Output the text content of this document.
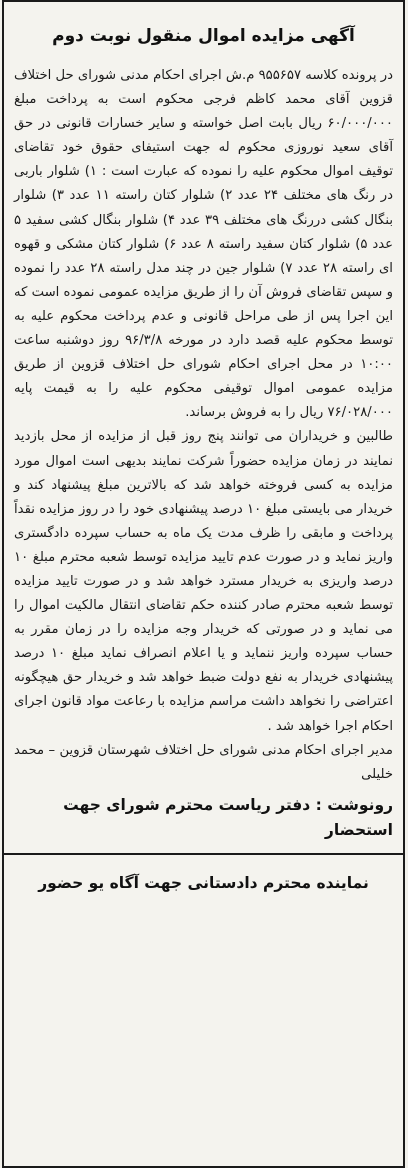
آگهی مزایده اموال منقول نوبت دوم

در پرونده کلاسه ۹۵۵۶۵۷ م.ش اجرای احکام مدنی شورای حل اختلاف قزوین آقای محمد کاظم فرجی محکوم است به پرداخت مبلغ ۶۰/۰۰۰/۰۰۰ ریال بابت اصل خواسته و سایر خسارات قانونی در حق آقای سعید نوروزی محکوم له جهت استیفای حقوق خود تقاضای توقیف اموال محکوم علیه را نموده که عبارت است : ۱) شلوار باربی در رنگ های مختلف ۲۴ عدد ۲) شلوار کتان راسته ۱۱ عدد ۳) شلوار بنگال کشی دررنگ های مختلف ۳۹ عدد ۴) شلوار بنگال کشی سفید ۵ عدد ۵) شلوار کتان سفید راسته ۸ عدد ۶) شلوار کتان مشکی و قهوه ای راسته ۲۸ عدد ۷) شلوار جین در چند مدل راسته ۲۸ عدد را نموده و سپس تقاضای فروش آن را از طریق مزایده عمومی نموده است که این اجرا پس از طی مراحل قانونی و عدم پرداخت محکوم علیه به توسط محکوم علیه قصد دارد در مورخه ۹۶/۳/۸ روز دوشنبه ساعت ۱۰:۰۰ در محل اجرای احکام شورای حل اختلاف قزوین از طریق مزایده عمومی اموال توقیفی محکوم علیه را به قیمت پایه ۷۶/۰۲۸/۰۰۰ ریال را به فروش برساند.

طالبین و خریداران می توانند پنج روز قبل از مزایده از محل بازدید نمایند در زمان مزایده حضوراً شرکت نمایند بدیهی است اموال مورد مزایده به کسی فروخته خواهد شد که بالاترین مبلغ پیشنهاد کند و خریدار می بایستی مبلغ ۱۰ درصد پیشنهادی خود را در روز مزایده نقداً پرداخت و مابقی را ظرف مدت یک ماه به حساب سپرده دادگستری واریز نماید و در صورت عدم تایید مزایده توسط شعبه محترم مبلغ ۱۰ درصد واریزی به خریدار مسترد خواهد شد و در صورت تایید مزایده توسط شعبه محترم صادر کننده حکم تقاضای انتقال مالکیت اموال را می نماید و در صورتی که خریدار وجه مزایده را در زمان مقرر به حساب سپرده واریز ننماید و یا اعلام انصراف نماید مبلغ ۱۰ درصد پیشنهادی خریدار به نفع دولت ضبط خواهد شد و خریدار حق هیچگونه اعتراضی را نخواهد داشت مراسم مزایده با رعاعت مواد قانون اجرای احکام اجرا خواهد شد .

مدیر اجرای احکام مدنی شورای حل اختلاف شهرستان قزوین – محمد خلیلی

رونوشت : دفتر ریاست محترم شورای جهت استحضار
نماینده محترم دادستانی جهت آگاه یو حضور
